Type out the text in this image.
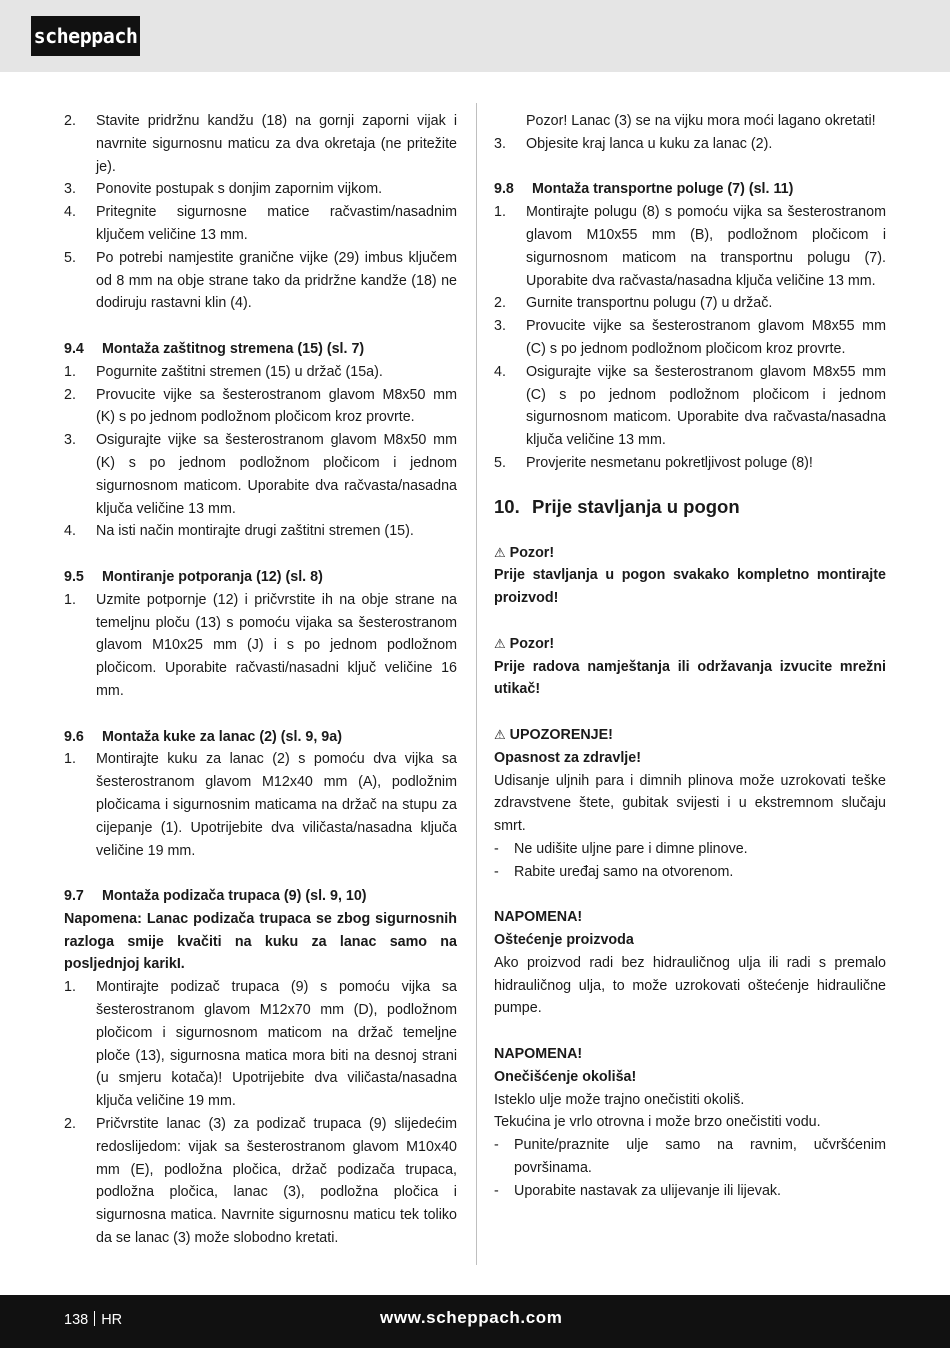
scheppach
2.	Stavite pridržnu kandžu (18) na gornji zaporni vijak i navrnite sigurnosnu maticu za dva okretaja (ne pritežite je).
3.	Ponovite postupak s donjim zapornim vijkom.
4.	Pritegnite sigurnosne matice račvastim/nasadnim ključem veličine 13 mm.
5.	Po potrebi namjestite granične vijke (29) imbus ključem od 8 mm na obje strane tako da pridržne kandže (18) ne dodiruju rastavni klin (4).
9.4 Montaža zaštitnog stremena (15) (sl. 7)
1.	Pogurnite zaštitni stremen (15) u držač (15a).
2.	Provucite vijke sa šesterostranom glavom M8x50 mm (K) s po jednom podložnom pločicom kroz provrte.
3.	Osigurajte vijke sa šesterostranom glavom M8x50 mm (K) s po jednom podložnom pločicom i jednom sigurnosnom maticom. Uporabite dva račvasta/nasadna ključa veličine 13 mm.
4.	Na isti način montirajte drugi zaštitni stremen (15).
9.5 Montiranje potporanja (12) (sl. 8)
1.	Uzmite potpornje (12) i pričvrstite ih na obje strane na temeljnu ploču (13) s pomoću vijaka sa šesterostranom glavom M10x25 mm (J) i s po jednom podložnom pločicom. Uporabite račvasti/nasadni ključ veličine 16 mm.
9.6 Montaža kuke za lanac (2) (sl. 9, 9a)
1.	Montirajte kuku za lanac (2) s pomoću dva vijka sa šesterostranom glavom M12x40 mm (A), podložnim pločicama i sigurnosnim maticama na držač na stupu za cijepanje (1). Upotrijebite dva viličasta/nasadna ključa veličine 19 mm.
9.7 Montaža podizača trupaca (9) (sl. 9, 10)

Napomena: Lanac podizača trupaca se zbog sigurnosnih razloga smije kvačiti na kuku za lanac samo na posljednjoj karikI.

1.	Montirajte podizač trupaca (9) s pomoću vijka sa šesterostranom glavom M12x70 mm (D), podložnom pločicom i sigurnosnom maticom na držač temeljne ploče (13), sigurnosna matica mora biti na desnoj strani (u smjeru kotača)! Upotrijebite dva viličasta/nasadna ključa veličine 19 mm.
2.	Pričvrstite lanac (3) za podizač trupaca (9) slijedećim redoslijedom: vijak sa šesterostranom glavom M10x40 mm (E), podložna pločica, držač podizača trupaca, podložna pločica, lanac (3), podložna pločica i sigurnosna matica. Navrnite sigurnosnu maticu tek toliko da se lanac (3) može slobodno kretati.
Pozor! Lanac (3) se na vijku mora moći lagano okretati!
3.	Objesite kraj lanca u kuku za lanac (2).
9.8 Montaža transportne poluge (7) (sl. 11)
1.	Montirajte polugu (8) s pomoću vijka sa šesterostranom glavom M10x55 mm (B), podložnom pločicom i sigurnosnom maticom na transportnu polugu (7). Uporabite dva račvasta/nasadna ključa veličine 13 mm.
2.	Gurnite transportnu polugu (7) u držač.
3.	Provucite vijke sa šesterostranom glavom M8x55 mm (C) s po jednom podložnom pločicom kroz provrte.
4.	Osigurajte vijke sa šesterostranom glavom M8x55 mm (C) s po jednom podložnom pločicom i jednom sigurnosnom maticom. Uporabite dva račvasta/nasadna ključa veličine 13 mm.
5.	Provjerite nesmetanu pokretljivost poluge (8)!
10. Prije stavljanja u pogon
⚠ Pozor!

Prije stavljanja u pogon svakako kompletno montirajte proizvod!

⚠ Pozor!

Prije radova namještanja ili održavanja izvucite mrežni utikač!

⚠ UPOZORENJE!
Opasnost za zdravlje!

Udisanje uljnih para i dimnih plinova može uzrokovati teške zdravstvene štete, gubitak svijesti i u ekstremnom slučaju smrt.

-	Ne udišite uljne pare i dimne plinove.
-	Rabite uređaj samo na otvorenom.
NAPOMENA!
Oštećenje proizvoda

Ako proizvod radi bez hidrauličnog ulja ili radi s premalo hidrauličnog ulja, to može uzrokovati oštećenje hidraulične pumpe.

NAPOMENA!
Onečišćenje okoliša!

Isteklo ulje može trajno onečistiti okoliš.

Tekućina je vrlo otrovna i može brzo onečistiti vodu.

-	Punite/praznite ulje samo na ravnim, učvršćenim površinama.
-	Uporabite nastavak za ulijevanje ili lijevak.
138 HR	www.scheppach.com
